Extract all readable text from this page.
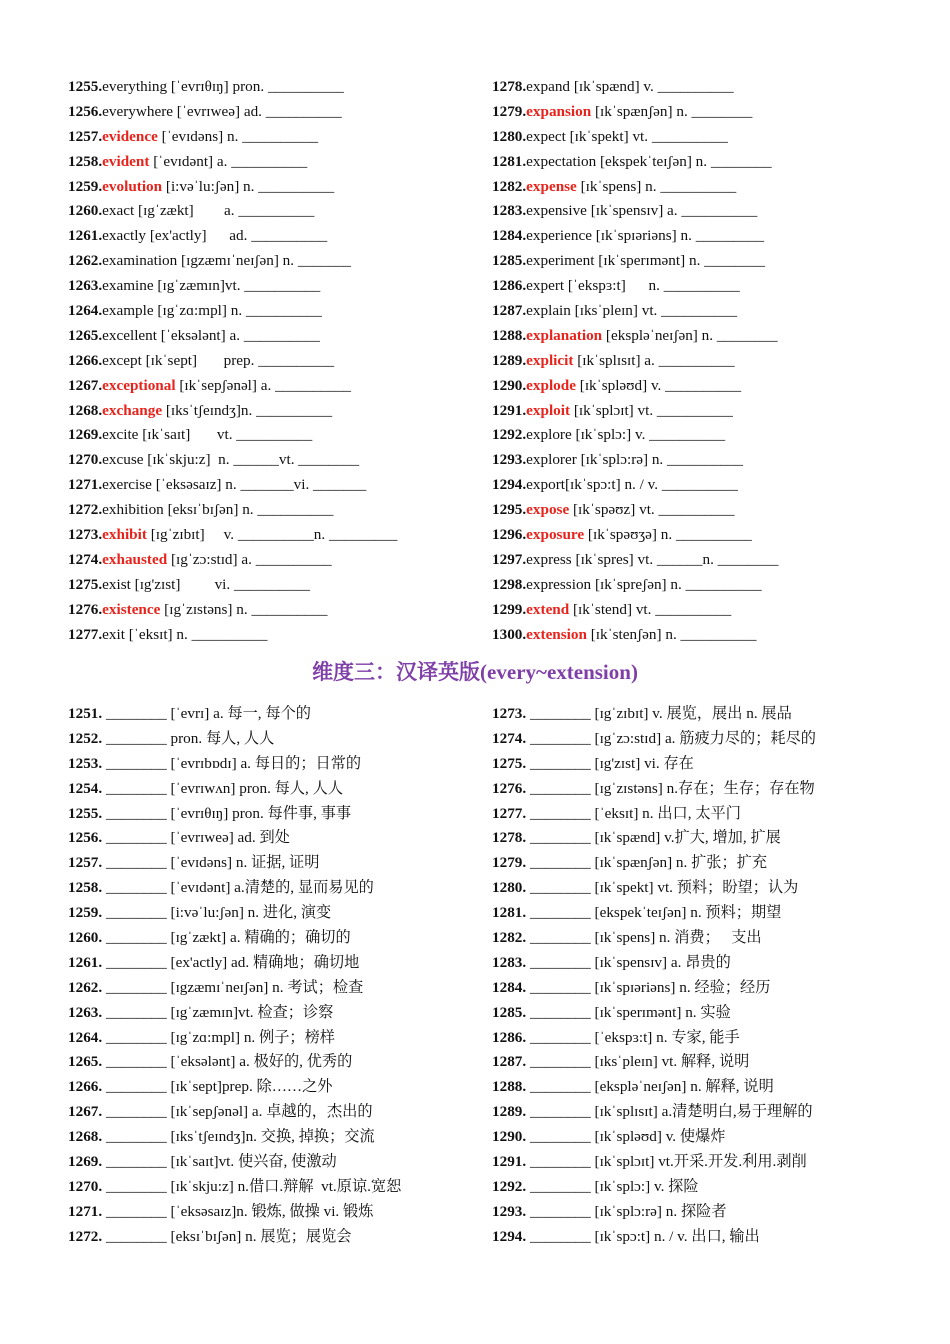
1255.everything [ˈevrɪθɪŋ] pron. __________
1256.everywhere [ˈevrɪweə] ad. __________
1257.evidence [ˈevɪdəns] n. __________
1258.evident [ˈevɪdənt] a. __________
1259.evolution [i:vəˈlu:ʃən] n. __________
1260.exact [ɪgˈzækt]        a. __________
1261.exactly [ex'actly]      ad. __________
1262.examination [ɪgzæmɪˈneɪʃən] n. _______
1263.examine [ɪgˈzæmɪn]vt. __________
1264.example [ɪgˈzɑ:mpl] n. __________
1265.excellent [ˈeksələnt] a. __________
1266.except [ɪkˈsept]       prep. __________
1267.exceptional [ɪkˈsepʃənəl] a. __________
1268.exchange [ɪksˈtʃeɪndʒ]n. __________
1269.excite [ɪkˈsaɪt]       vt. __________
1270.excuse [ɪkˈskju:z]  n. ______vt. ________
1271.exercise [ˈeksəsaɪz] n. _______vi. _______
1272.exhibition [eksɪˈbɪʃən] n. __________
1273.exhibit [ɪgˈzɪbɪt]     v. __________n. _________
1274.exhausted [ɪgˈzɔ:stɪd] a. __________
1275.exist [ɪg'zɪst]         vi. __________
1276.existence [ɪgˈzɪstəns] n. __________
1277.exit [ˈeksɪt] n. __________
1278.expand [ɪkˈspænd] v. __________
1279.expansion [ɪkˈspænʃən] n. ________
1280.expect [ɪkˈspekt] vt. __________
1281.expectation [ekspekˈteɪʃən] n. ________
1282.expense [ɪkˈspens] n. __________
1283.expensive [ɪkˈspensɪv] a. __________
1284.experience [ɪkˈspɪəriəns] n. _________
1285.experiment [ɪkˈsperɪmənt] n. ________
1286.expert [ˈekspɜ:t]      n. __________
1287.explain [ɪksˈpleɪn] vt. __________
1288.explanation [ekspləˈneɪʃən] n. ________
1289.explicit [ɪkˈsplɪsɪt] a. __________
1290.explode [ɪkˈspləʊd] v. __________
1291.exploit [ɪkˈsplɔɪt] vt. __________
1292.explore [ɪkˈsplɔ:] v. __________
1293.explorer [ɪkˈsplɔ:rə] n. __________
1294.export[ɪkˈspɔ:t] n. / v. __________
1295.expose [ɪkˈspəʊz] vt. __________
1296.exposure [ɪkˈspəʊʒə] n. __________
1297.express [ɪkˈspres] vt. ______n. ________
1298.expression [ɪkˈspreʃən] n. __________
1299.extend [ɪkˈstend] vt. __________
1300.extension [ɪkˈstenʃən] n. __________
维度三：汉译英版(every~extension)
1251. ________ [ˈevrɪ] a. 每一, 每个的
1252. ________ pron. 每人, 人人
1253. ________ [ˈevrɪbɒdɪ] a. 每日的；日常的
1254. ________ [ˈevrɪwʌn] pron. 每人, 人人
1255. ________ [ˈevrɪθɪŋ] pron. 每件事, 事事
1256. ________ [ˈevrɪweə] ad. 到处
1257. ________ [ˈevɪdəns] n. 证据, 证明
1258. ________ [ˈevɪdənt] a.清楚的, 显而易见的
1259. ________ [i:vəˈlu:ʃən] n. 进化, 演变
1260. ________ [ɪgˈzækt] a. 精确的；确切的
1261. ________ [ex'actly] ad. 精确地；确切地
1262. ________ [ɪgzæmɪˈneɪʃən] n. 考试；检查
1263. ________ [ɪgˈzæmɪn]vt. 检查；诊察
1264. ________ [ɪgˈzɑ:mpl] n. 例子；榜样
1265. ________ [ˈeksələnt] a. 极好的, 优秀的
1266. ________ [ɪkˈsept]prep. 除……之外
1267. ________ [ɪkˈsepʃənəl] a. 卓越的，杰出的
1268. ________ [ɪksˈtʃeɪndʒ]n. 交换, 掉换；交流
1269. ________ [ɪkˈsaɪt]vt. 使兴奋, 使激动
1270. ________ [ɪkˈskju:z] n.借口.辩解  vt.原谅.宽恕
1271. ________ [ˈeksəsaɪz]n. 锻炼, 做操 vi. 锻炼
1272. ________ [eksɪˈbɪʃən] n. 展览；展览会
1273. ________ [ɪgˈzɪbɪt] v. 展览，展出 n. 展品
1274. ________ [ɪgˈzɔ:stɪd] a. 筋疲力尽的；耗尽的
1275. ________ [ɪg'zɪst] vi. 存在
1276. ________ [ɪgˈzɪstəns] n.存在；生存；存在物
1277. ________ [ˈeksɪt] n. 出口, 太平门
1278. ________ [ɪkˈspænd] v.扩大, 增加, 扩展
1279. ________ [ɪkˈspænʃən] n. 扩张；扩充
1280. ________ [ɪkˈspekt] vt. 预料；盼望；认为
1281. ________ [ekspekˈteɪʃən] n. 预料；期望
1282. ________ [ɪkˈspens] n. 消费；   支出
1283. ________ [ɪkˈspensɪv] a. 昂贵的
1284. ________ [ɪkˈspɪəriəns] n. 经验；经历
1285. ________ [ɪkˈsperɪmənt] n. 实验
1286. ________ [ˈekspɜ:t] n. 专家, 能手
1287. ________ [ɪksˈpleɪn] vt. 解释, 说明
1288. ________ [ekspləˈneɪʃən] n. 解释, 说明
1289. ________ [ɪkˈsplɪsɪt] a.清楚明白,易于理解的
1290. ________ [ɪkˈspləʊd] v. 使爆炸
1291. ________ [ɪkˈsplɔɪt] vt.开采.开发.利用.剥削
1292. ________ [ɪkˈsplɔ:] v. 探险
1293. ________ [ɪkˈsplɔ:rə] n. 探险者
1294. ________ [ɪkˈspɔ:t] n. / v. 出口, 输出
